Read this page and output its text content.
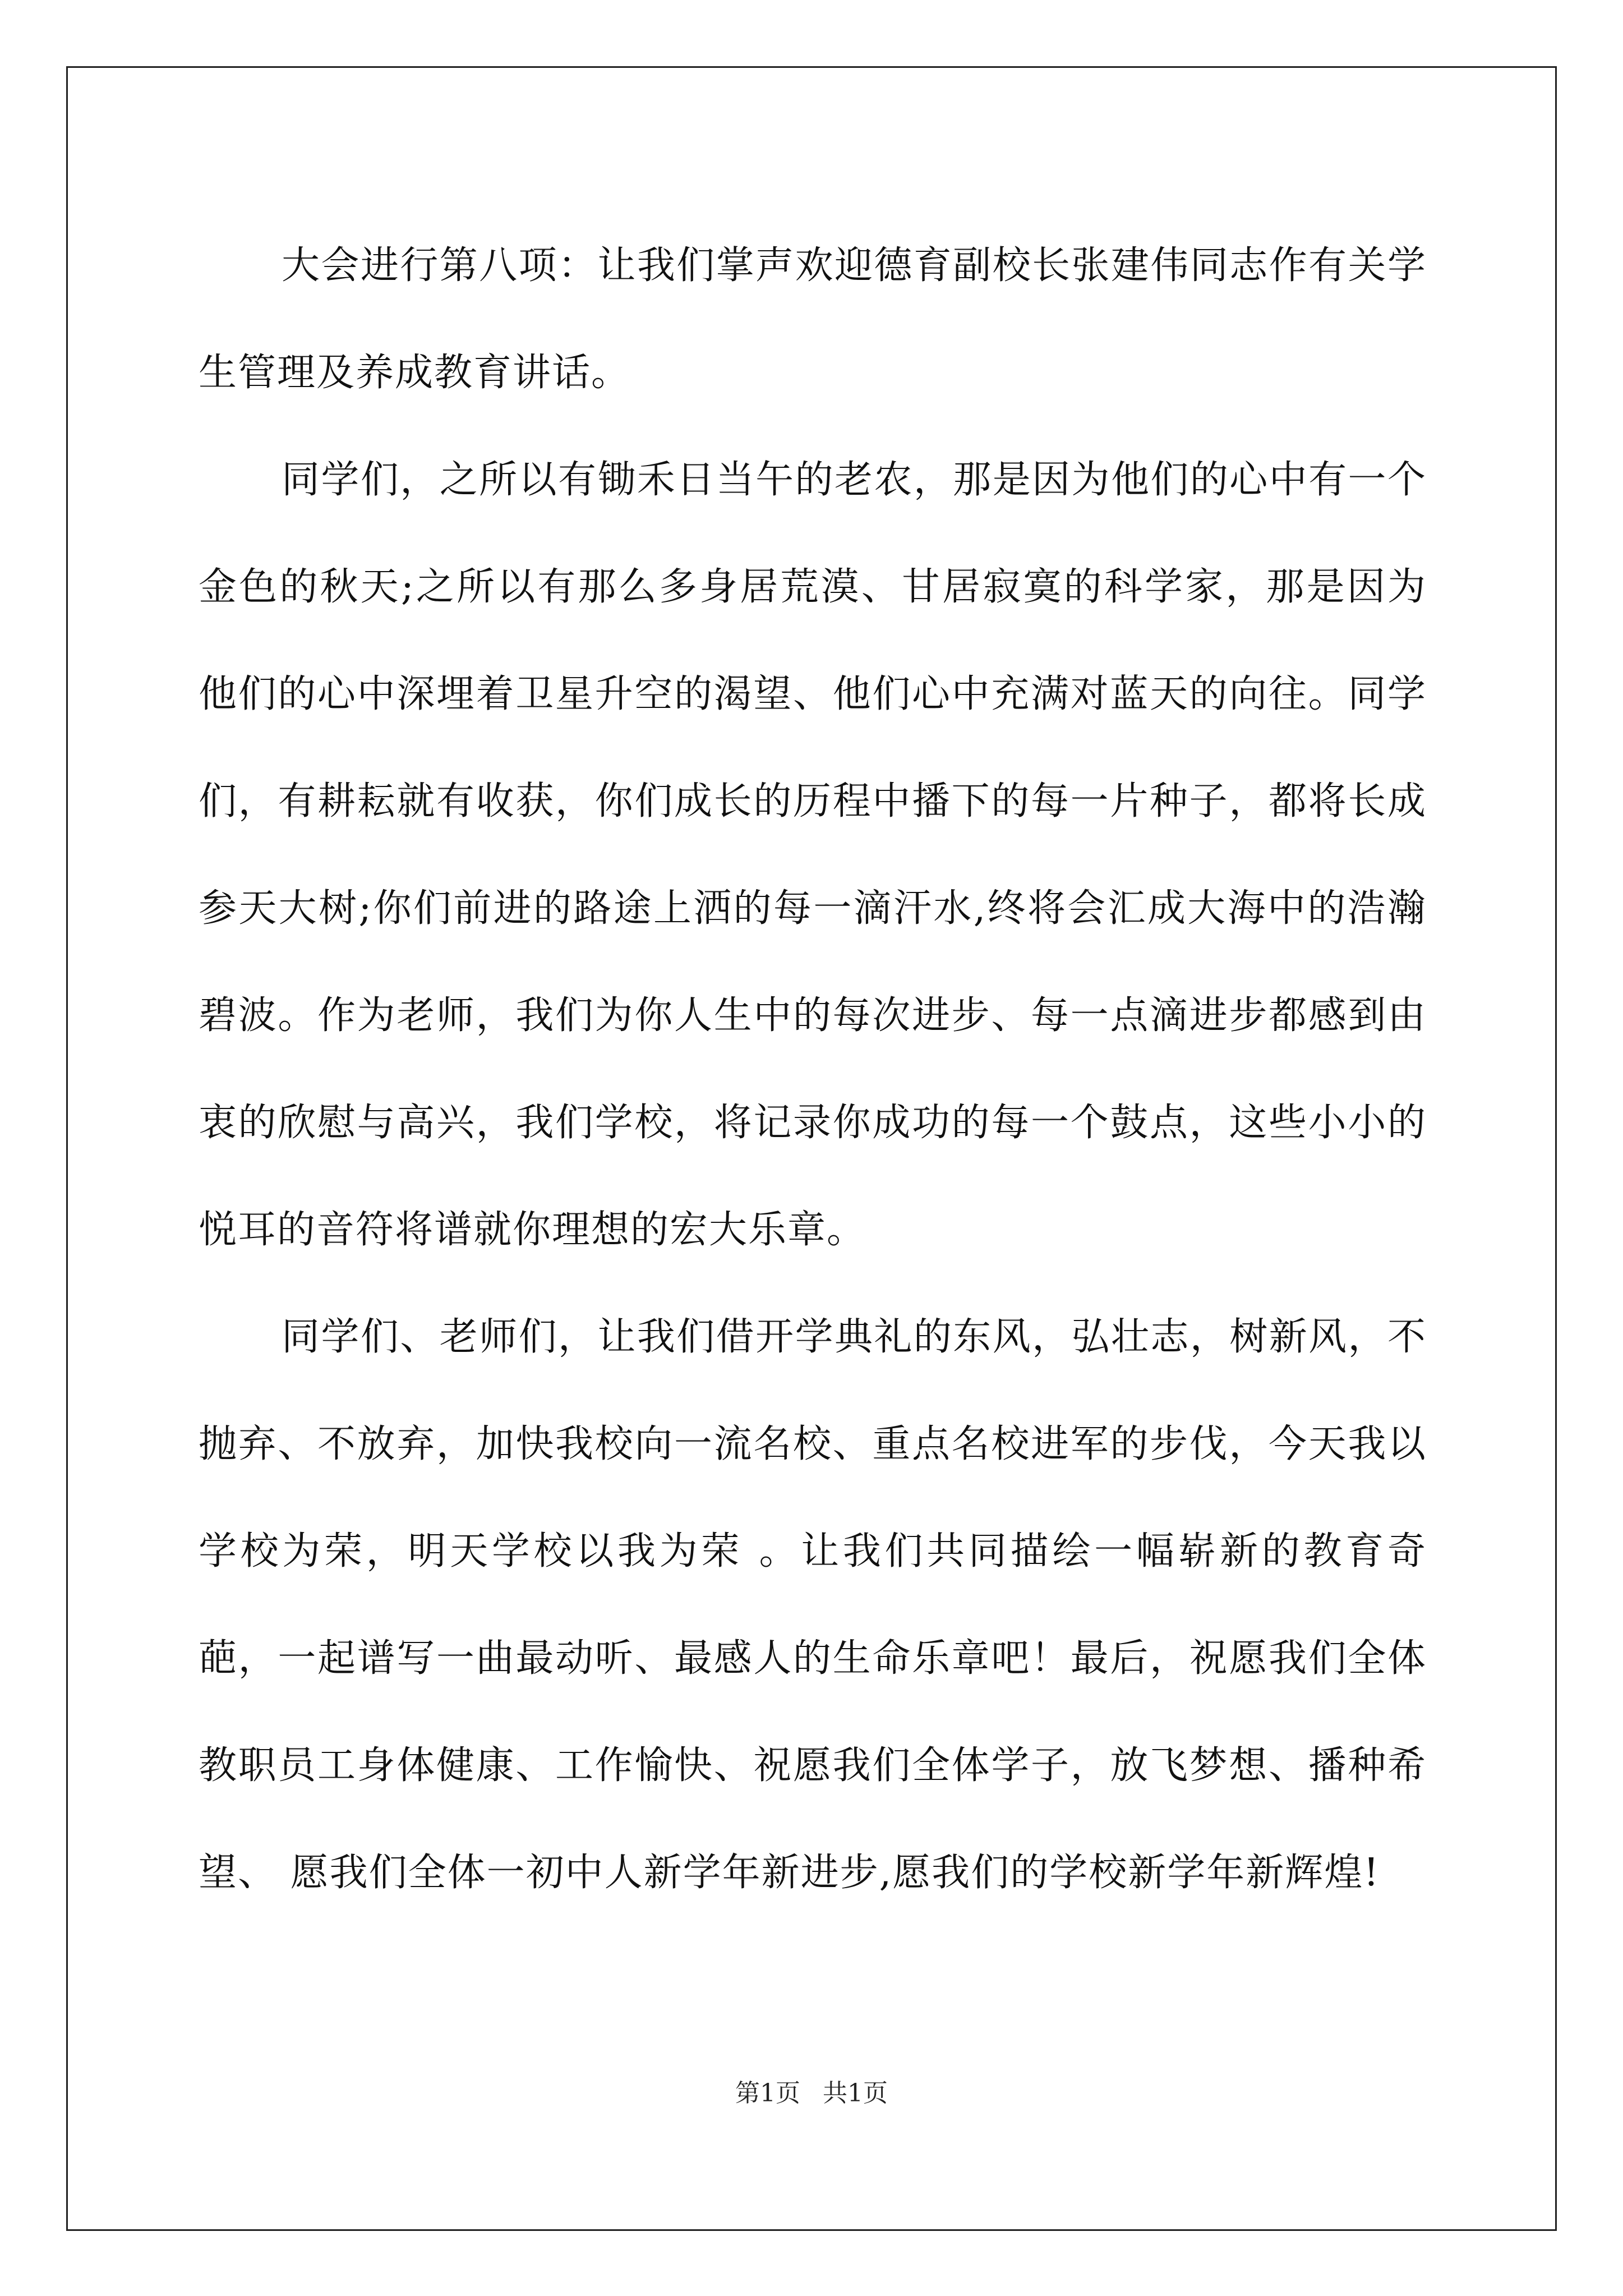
大会进行第八项：让我们掌声欢迎德育副校长张建伟同志作有关学生管理及养成教育讲话。

同学们，之所以有锄禾日当午的老农，那是因为他们的心中有一个金色的秋天;之所以有那么多身居荒漠、甘居寂寞的科学家，那是因为他们的心中深埋着卫星升空的渴望、他们心中充满对蓝天的向往。同学们，有耕耘就有收获，你们成长的历程中播下的每一片种子，都将长成参天大树;你们前进的路途上洒的每一滴汗水,终将会汇成大海中的浩瀚碧波。作为老师，我们为你人生中的每次进步、每一点滴进步都感到由衷的欣慰与高兴，我们学校，将记录你成功的每一个鼓点，这些小小的悦耳的音符将谱就你理想的宏大乐章。

同学们、老师们，让我们借开学典礼的东风，弘壮志，树新风，不抛弃、不放弃，加快我校向一流名校、重点名校进军的步伐，今天我以学校为荣，明天学校以我为荣 。让我们共同描绘一幅崭新的教育奇葩，一起谱写一曲最动听、最感人的生命乐章吧！最后，祝愿我们全体教职员工身体健康、工作愉快、祝愿我们全体学子，放飞梦想、播种希望、 愿我们全体一初中人新学年新进步,愿我们的学校新学年新辉煌!

第1页 共1页
